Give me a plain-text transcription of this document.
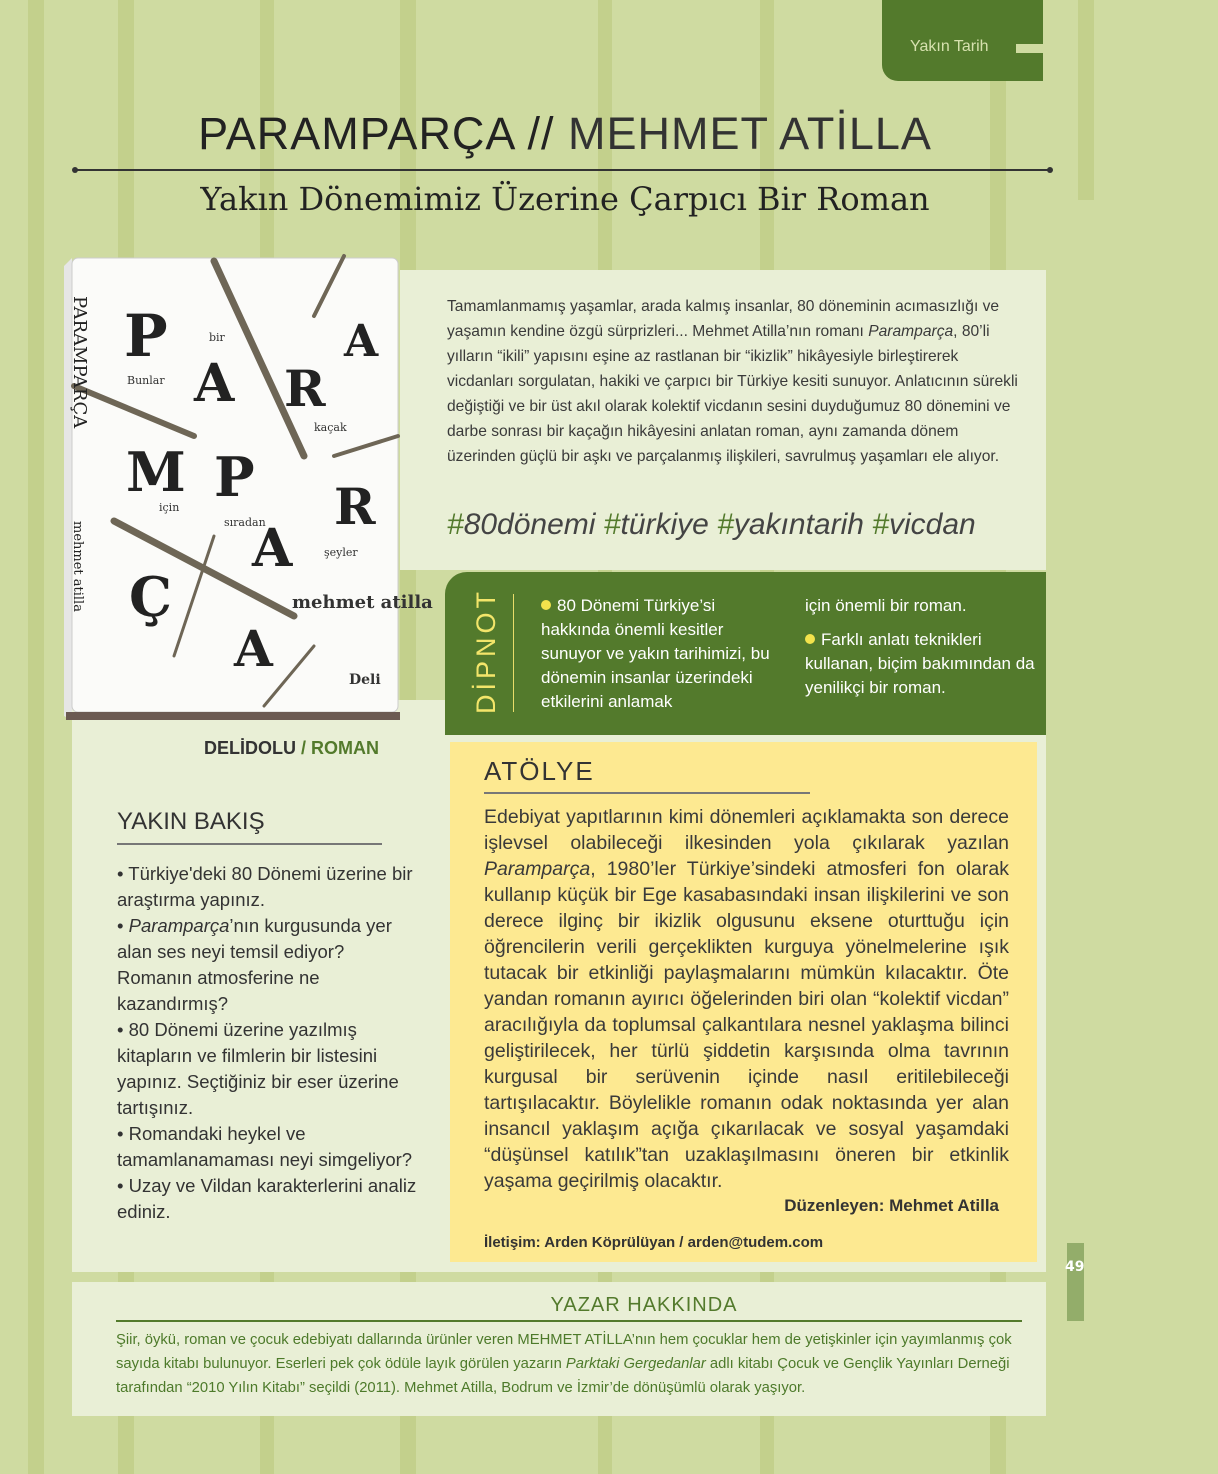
Yakın Tarih
PARAMPARÇA // MEHMET ATİLLA
Yakın Dönemimiz Üzerine Çarpıcı Bir Roman
P
A
A
R
M P R
A
Ç
A
Bunlar
bir
kaçak
için
sıradan
şeyler
mehmet atilla
Deli
PARAMPARÇA
mehmet atilla
DELİDOLU / ROMAN
Tamamlanmamış yaşamlar, arada kalmış insanlar, 80 döneminin acımasızlığı ve yaşamın kendine özgü sürprizleri... Mehmet Atilla’nın romanı Paramparça, 80’li yılların “ikili” yapısını eşine az rastlanan bir “ikizlik” hikâyesiyle birleştirerek vicdanları sorgulatan, hakiki ve çarpıcı bir Türkiye kesiti sunuyor. Anlatıcının sürekli değiştiği ve bir üst akıl olarak kolektif vicdanın sesini duyduğumuz 80 dönemini ve darbe sonrası bir kaçağın hikâyesini anlatan roman, aynı zamanda dönem üzerinden güçlü bir aşkı ve parçalanmış ilişkileri, savrulmuş yaşamları ele alıyor.
#80dönemi #türkiye #yakıntarih #vicdan
DİPNOT	80 Dönemi Türkiye’si hakkında önemli kesitler sunuyor ve yakın tarihimizi, bu dönemin insanlar üzerindeki etkilerini anlamak
için önemli bir roman.
Farklı anlatı teknikleri kullanan, biçim bakımından da yenilikçi bir roman.
ATÖLYE

Edebiyat yapıtlarının kimi dönemleri açıklamakta son derece işlevsel olabileceği ilkesinden yola çıkılarak yazılan Paramparça, 1980’ler Türkiye’sindeki atmosferi fon olarak kullanıp küçük bir Ege kasabasındaki insan ilişkilerini ve son derece ilginç bir ikizlik olgusunu eksene oturttuğu için öğrencilerin verili gerçeklikten kurguya yönelmelerine ışık tutacak bir etkinliği paylaşmalarını mümkün kılacaktır. Öte yandan romanın ayırıcı öğelerinden biri olan “kolektif vicdan” aracılığıyla da toplumsal çalkantılara nesnel yaklaşma bilinci geliştirilecek, her türlü şiddetin karşısında olma tavrının kurgusal bir serüvenin içinde nasıl eritilebileceği tartışılacaktır. Böylelikle romanın odak noktasında yer alan insancıl yaklaşım açığa çıkarılacak ve sosyal yaşamdaki “düşünsel katılık”tan uzaklaşılmasını öneren bir etkinlik yaşama geçirilmiş olacaktır.

Düzenleyen: Mehmet Atilla
İletişim: Arden Köprülüyan / arden@tudem.com
YAKIN BAKIŞ
• Türkiye'deki 80 Dönemi üzerine bir araştırma yapınız.
• Paramparça’nın kurgusunda yer alan ses neyi temsil ediyor? Romanın atmosferine ne kazandırmış?
• 80 Dönemi üzerine yazılmış kitapların ve filmlerin bir listesini yapınız. Seçtiğiniz bir eser üzerine tartışınız.
• Romandaki heykel ve tamamlanamaması neyi simgeliyor?
• Uzay ve Vildan karakterlerini analiz ediniz.
YAZAR HAKKINDA

Şiir, öykü, roman ve çocuk edebiyatı dallarında ürünler veren MEHMET ATİLLA’nın hem çocuklar hem de yetişkinler için yayımlanmış çok sayıda kitabı bulunuyor. Eserleri pek çok ödüle layık görülen yazarın Parktaki Gergedanlar adlı kitabı Çocuk ve Gençlik Yayınları Derneği tarafından “2010 Yılın Kitabı” seçildi (2011). Mehmet Atilla, Bodrum ve İzmir’de dönüşümlü olarak yaşıyor.

49
